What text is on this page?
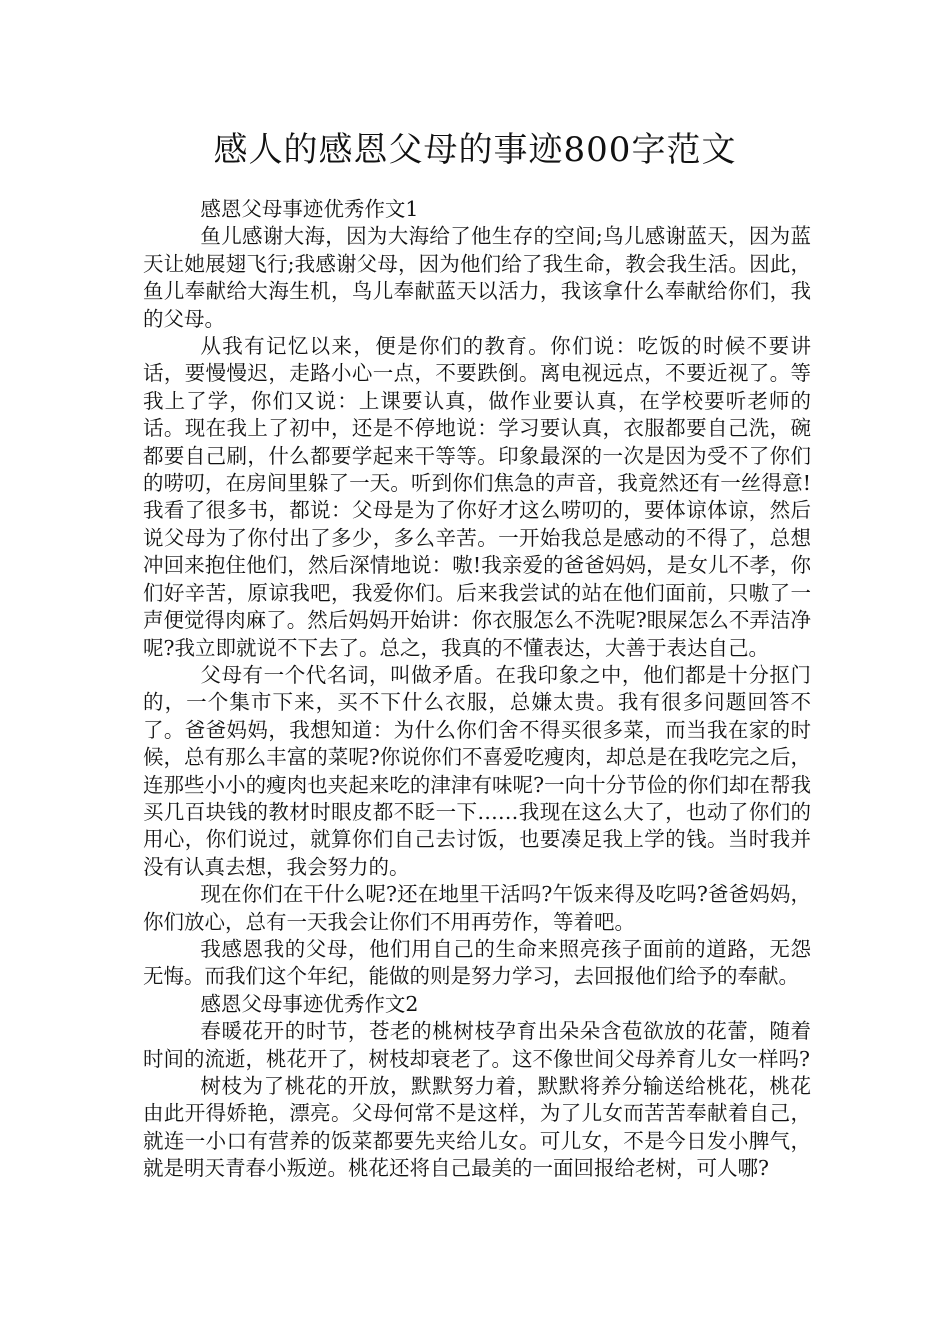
感人的感恩父母的事迹800字范文

感恩父母事迹优秀作文1

鱼儿感谢大海，因为大海给了他生存的空间;鸟儿感谢蓝天，因为蓝天让她展翅飞行;我感谢父母，因为他们给了我生命，教会我生活。因此，鱼儿奉献给大海生机，鸟儿奉献蓝天以活力，我该拿什么奉献给你们，我的父母。

从我有记忆以来，便是你们的教育。你们说：吃饭的时候不要讲话，要慢慢迟，走路小心一点，不要跌倒。离电视远点，不要近视了。等我上了学，你们又说：上课要认真，做作业要认真，在学校要听老师的话。现在我上了初中，还是不停地说：学习要认真，衣服都要自己洗，碗都要自己刷，什么都要学起来干等等。印象最深的一次是因为受不了你们的唠叨，在房间里躲了一天。听到你们焦急的声音，我竟然还有一丝得意!我看了很多书，都说：父母是为了你好才这么唠叨的，要体谅体谅，然后说父母为了你付出了多少，多么辛苦。一开始我总是感动的不得了，总想冲回来抱住他们，然后深情地说：嗷!我亲爱的爸爸妈妈，是女儿不孝，你们好辛苦，原谅我吧，我爱你们。后来我尝试的站在他们面前，只嗷了一声便觉得肉麻了。然后妈妈开始讲：你衣服怎么不洗呢?眼屎怎么不弄洁净呢?我立即就说不下去了。总之，我真的不懂表达，大善于表达自己。

父母有一个代名词，叫做矛盾。在我印象之中，他们都是十分抠门的，一个集市下来，买不下什么衣服，总嫌太贵。我有很多问题回答不了。爸爸妈妈，我想知道：为什么你们舍不得买很多菜，而当我在家的时候，总有那么丰富的菜呢?你说你们不喜爱吃瘦肉，却总是在我吃完之后，连那些小小的瘦肉也夹起来吃的津津有味呢?一向十分节俭的你们却在帮我买几百块钱的教材时眼皮都不眨一下……我现在这么大了，也动了你们的用心，你们说过，就算你们自己去讨饭，也要凑足我上学的钱。当时我并没有认真去想，我会努力的。

现在你们在干什么呢?还在地里干活吗?午饭来得及吃吗?爸爸妈妈，你们放心，总有一天我会让你们不用再劳作，等着吧。

我感恩我的父母，他们用自己的生命来照亮孩子面前的道路，无怨无悔。而我们这个年纪，能做的则是努力学习，去回报他们给予的奉献。

感恩父母事迹优秀作文2

春暖花开的时节，苍老的桃树枝孕育出朵朵含苞欲放的花蕾，随着时间的流逝，桃花开了，树枝却衰老了。这不像世间父母养育儿女一样吗?

树枝为了桃花的开放，默默努力着，默默将养分输送给桃花，桃花由此开得娇艳，漂亮。父母何常不是这样，为了儿女而苦苦奉献着自己，就连一小口有营养的饭菜都要先夹给儿女。可儿女，不是今日发小脾气，就是明天青春小叛逆。桃花还将自己最美的一面回报给老树，可人哪?
